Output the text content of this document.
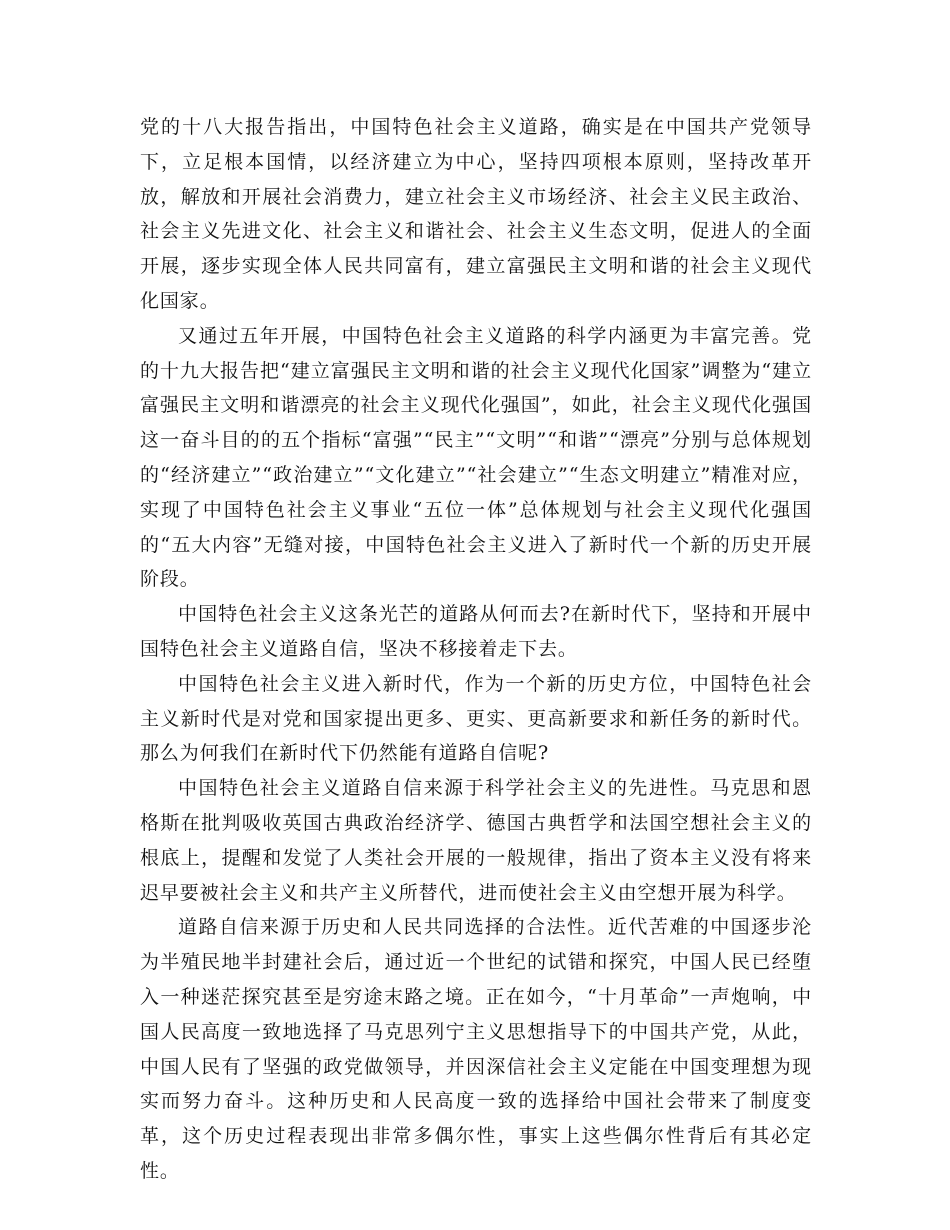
党的十八大报告指出，中国特色社会主义道路，确实是在中国共产党领导下，立足根本国情，以经济建立为中心，坚持四项根本原则，坚持改革开放，解放和开展社会消费力，建立社会主义市场经济、社会主义民主政治、社会主义先进文化、社会主义和谐社会、社会主义生态文明，促进人的全面开展，逐步实现全体人民共同富有，建立富强民主文明和谐的社会主义现代化国家。

又通过五年开展，中国特色社会主义道路的科学内涵更为丰富完善。党的十九大报告把“建立富强民主文明和谐的社会主义现代化国家”调整为“建立富强民主文明和谐漂亮的社会主义现代化强国”，如此，社会主义现代化强国这一奋斗目的的五个指标“富强”“民主”“文明”“和谐”“漂亮”分别与总体规划的“经济建立”“政治建立”“文化建立”“社会建立”“生态文明建立”精准对应，实现了中国特色社会主义事业“五位一体”总体规划与社会主义现代化强国的“五大内容”无缝对接，中国特色社会主义进入了新时代一个新的历史开展阶段。

中国特色社会主义这条光芒的道路从何而去?在新时代下，坚持和开展中国特色社会主义道路自信，坚决不移接着走下去。

中国特色社会主义进入新时代，作为一个新的历史方位，中国特色社会主义新时代是对党和国家提出更多、更实、更高新要求和新任务的新时代。那么为何我们在新时代下仍然能有道路自信呢?

中国特色社会主义道路自信来源于科学社会主义的先进性。马克思和恩格斯在批判吸收英国古典政治经济学、德国古典哲学和法国空想社会主义的根底上，提醒和发觉了人类社会开展的一般规律，指出了资本主义没有将来迟早要被社会主义和共产主义所替代，进而使社会主义由空想开展为科学。

道路自信来源于历史和人民共同选择的合法性。近代苦难的中国逐步沦为半殖民地半封建社会后，通过近一个世纪的试错和探究，中国人民已经堕入一种迷茫探究甚至是穷途末路之境。正在如今，“十月革命”一声炮响，中国人民高度一致地选择了马克思列宁主义思想指导下的中国共产党，从此，中国人民有了坚强的政党做领导，并因深信社会主义定能在中国变理想为现实而努力奋斗。这种历史和人民高度一致的选择给中国社会带来了制度变革，这个历史过程表现出非常多偶尔性，事实上这些偶尔性背后有其必定性。
